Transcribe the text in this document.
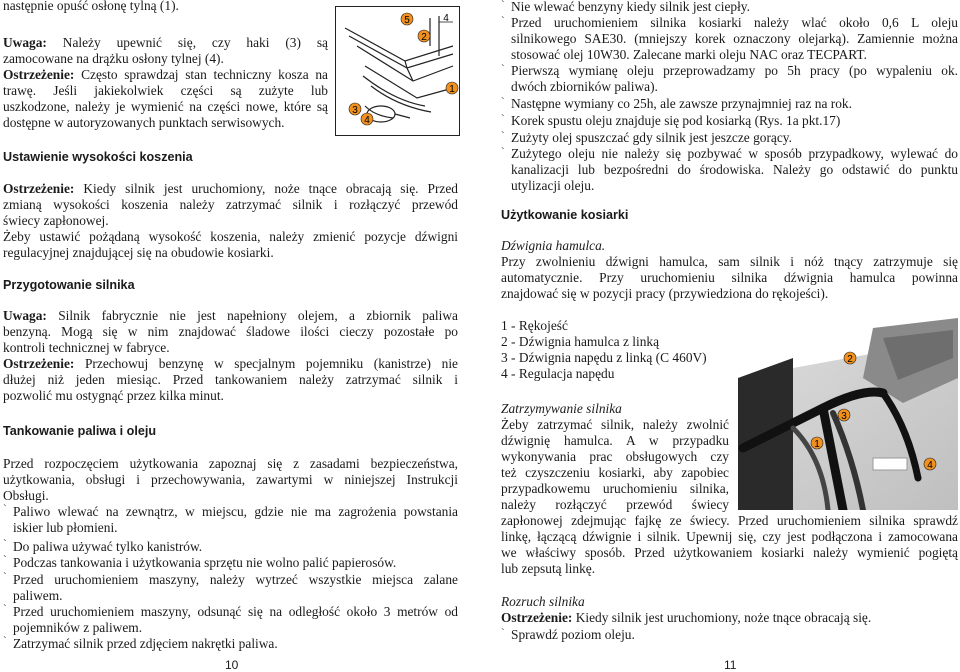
następnie opuść osłonę tylną (1).
Uwaga: Należy upewnić się, czy haki (3) są
zamocowane na drążku osłony tylnej (4).
Ostrzeżenie: Często sprawdzaj stan techniczny kosza na
trawę. Jeśli jakiekolwiek części są zużyte lub
uszkodzone, należy je wymienić na części nowe, które są
dostępne w autoryzowanych punktach serwisowych.
5	4
2
1
3
4
Ustawienie wysokości koszenia
Ostrzeżenie: Kiedy silnik jest uruchomiony, noże tnące obracają się. Przed
zmianą wysokości koszenia należy zatrzymać silnik i rozłączyć przewód
świecy zapłonowej.
Żeby ustawić pożądaną wysokość koszenia, należy zmienić pozycje dźwigni
regulacyjnej znajdującej się na obudowie kosiarki.
Przygotowanie silnika
Uwaga: Silnik fabrycznie nie jest napełniony olejem, a zbiornik paliwa
benzyną. Mogą się w nim znajdować śladowe ilości cieczy pozostałe po
kontroli technicznej w fabryce.
Ostrzeżenie: Przechowuj benzynę w specjalnym pojemniku (kanistrze) nie
dłużej niż jeden miesiąc. Przed tankowaniem należy zatrzymać silnik i
pozwolić mu ostygnąć przez kilka minut.
Tankowanie paliwa i oleju
Przed rozpoczęciem użytkowania zapoznaj się z zasadami bezpieczeństwa,
użytkowania, obsługi i przechowywania, zawartymi w niniejszej Instrukcji
Obsługi.
` Paliwo wlewać na zewnątrz, w miejscu, gdzie nie ma zagrożenia powstania
iskier lub płomieni.
` Do paliwa używać tylko kanistrów.
` Podczas tankowania i użytkowania sprzętu nie wolno palić papierosów.
` Przed uruchomieniem maszyny, należy wytrzeć wszystkie miejsca zalane
paliwem.
` Przed uruchomieniem maszyny, odsunąć się na odległość około 3 metrów od
pojemników z paliwem.
` Zatrzymać silnik przed zdjęciem nakrętki paliwa.
10
` Nie wlewać benzyny kiedy silnik jest ciepły.
` Przed uruchomieniem silnika kosiarki należy wlać około 0,6 L oleju
silnikowego SAE30. (mniejszy korek oznaczony olejarką). Zamiennie można
stosować olej 10W30. Zalecane marki oleju NAC oraz TECPART.
` Pierwszą wymianę oleju przeprowadzamy po 5h pracy (po wypaleniu ok.
dwóch zbiorników paliwa).
` Następne wymiany co 25h, ale zawsze przynajmniej raz na rok.
` Korek spustu oleju znajduje się pod kosiarką (Rys. 1a pkt.17)
` Zużyty olej spuszczać gdy silnik jest jeszcze gorący.
` Zużytego oleju nie należy się pozbywać w sposób przypadkowy, wylewać do
kanalizacji lub bezpośredni do środowiska. Należy go odstawić do punktu
utylizacji oleju.
Użytkowanie kosiarki
Dźwignia hamulca.
Przy zwolnieniu dźwigni hamulca, sam silnik i nóż tnący zatrzymuje się
automatycznie. Przy uruchomieniu silnika dźwignia hamulca powinna
znajdować się w pozycji pracy (przywiedziona do rękojeści).
1 - Rękojeść
2 - Dźwignia hamulca z linką
3 - Dźwignia napędu z linką (C 460V)
4 - Regulacja napędu
2
3
1
4
Zatrzymywanie silnika
Żeby zatrzymać silnik, należy zwolnić
dźwignię hamulca. A w przypadku
wykonywania prac obsługowych czy
też czyszczeniu kosiarki, aby zapobiec
przypadkowemu uruchomieniu silnika,
należy rozłączyć przewód świecy
zapłonowej zdejmując fajkę ze świecy. Przed uruchomieniem silnika sprawdź
linkę, łączącą dźwignie i silnik. Upewnij się, czy jest podłączona i zamocowana
we właściwy sposób. Przed użytkowaniem kosiarki należy wymienić pogiętą
lub zepsutą linkę.
Rozruch silnika
Ostrzeżenie: Kiedy silnik jest uruchomiony, noże tnące obracają się.
` Sprawdź poziom oleju.
11
